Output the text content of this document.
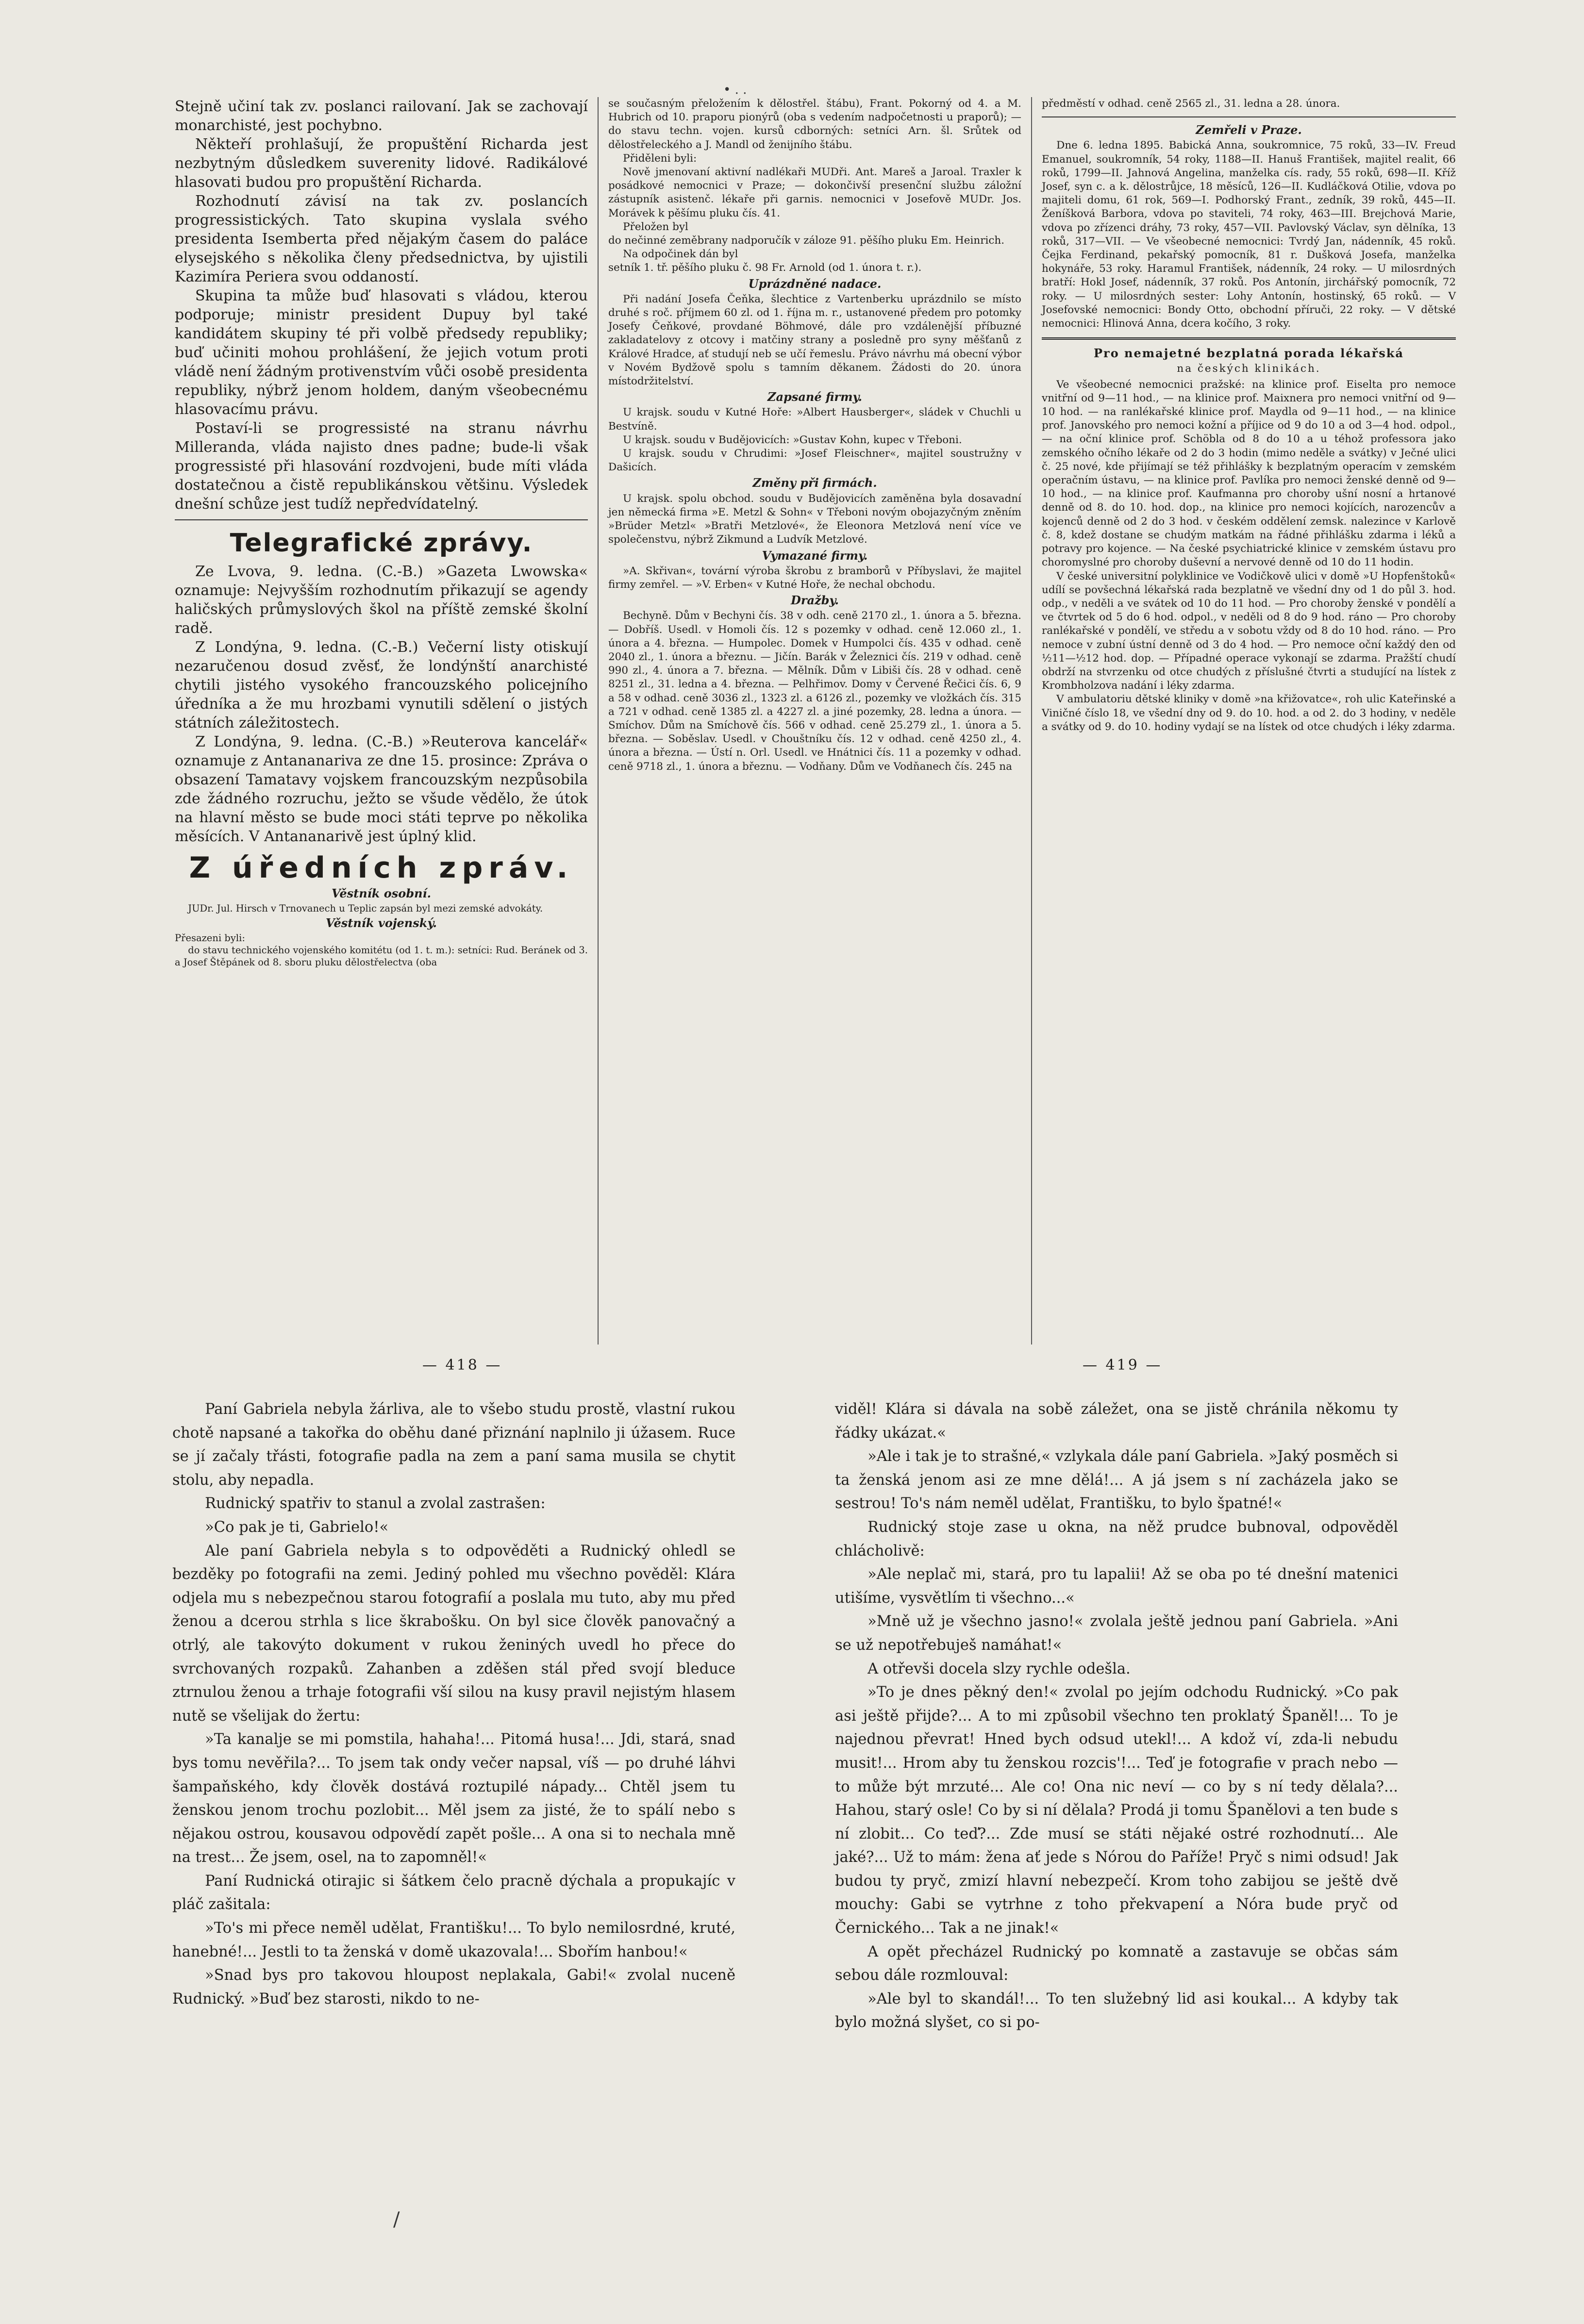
• . .

Stejně učiní tak zv. poslanci railovaní. Jak se zachovají monarchisté, jest pochybno.

Někteří prohlašují, že propuštění Richarda jest nezbytným důsledkem suverenity lidové. Radikálové hlasovati budou pro propuštění Richarda.

Rozhodnutí závisí na tak zv. poslancích progressistických. Tato skupina vyslala svého presidenta Isemberta před nějakým časem do paláce elysejského s několika členy předsednictva, by ujistili Kazimíra Periera svou oddaností.

Skupina ta může buď hlasovati s vládou, kterou podporuje; ministr president Dupuy byl také kandidátem skupiny té při volbě předsedy republiky; buď učiniti mohou prohlášení, že jejich votum proti vládě není žádným protivenstvím vůči osobě presidenta republiky, nýbrž jenom holdem, daným všeobecnému hlasovacímu právu.

Postaví-li se progressisté na stranu návrhu Milleranda, vláda najisto dnes padne; bude-li však progressisté při hlasování rozdvojeni, bude míti vláda dostatečnou a čistě republikánskou většinu. Výsledek dnešní schůze jest tudíž nepředvídatelný.

Telegrafické zprávy.

Ze Lvova, 9. ledna. (C.-B.) »Gazeta Lwowska« oznamuje: Nejvyšším rozhodnutím přikazují se agendy haličských průmyslových škol na příště zemské školní radě.

Z Londýna, 9. ledna. (C.-B.) Večerní listy otiskují nezaručenou dosud zvěsť, že londýnští anarchisté chytili jistého vysokého francouzského policejního úředníka a že mu hrozbami vynutili sdělení o jistých státních záležitostech.

Z Londýna, 9. ledna. (C.-B.) »Reuterova kancelář« oznamuje z Antananariva ze dne 15. prosince: Zpráva o obsazení Tamatavy vojskem francouzským nezpůsobila zde žádného rozruchu, ježto se všude vědělo, že útok na hlavní město se bude moci státi teprve po několika měsících. V Antananarivě jest úplný klid.

Z úředních zpráv.
Věstník osobní.

JUDr. Jul. Hirsch v Trnovanech u Teplic zapsán byl mezi zemské advokáty.

Věstník vojenský.

Přesazeni byli:

do stavu technického vojenského komitétu (od 1. t. m.): setníci: Rud. Beránek od 3. a Josef Štěpánek od 8. sboru pluku dělostřelectva (oba

se současným přeložením k dělostřel. štábu), Frant. Pokorný od 4. a M. Hubrich od 10. praporu pionýrů (oba s vedením nadpočetnosti u praporů); — do stavu techn. vojen. kursů cdborných: setníci Arn. šl. Srůtek od dělostřeleckého a J. Mandl od ženijního štábu.

Přiděleni byli:

Nově jmenovaní aktivní nadlékaři MUDři. Ant. Mareš a Jaroal. Traxler k posádkové nemocnici v Praze; — dokončivší presenční službu záložní zástupník asistenč. lékaře při garnis. nemocnici v Josefově MUDr. Jos. Morávek k pěšímu pluku čís. 41.

Přeložen byl

do nečinné zeměbrany nadporučík v záloze 91. pěšího pluku Em. Heinrich.

Na odpočinek dán byl

setník 1. tř. pěšího pluku č. 98 Fr. Arnold (od 1. února t. r.).

Uprázdněné nadace.

Při nadání Josefa Čeňka, šlechtice z Vartenberku uprázdnilo se místo druhé s roč. příjmem 60 zl. od 1. října m. r., ustanovené předem pro potomky Josefy Čeňkové, provdané Böhmové, dále pro vzdálenější příbuzné zakladatelovy z otcovy i matčiny strany a posledně pro syny měšťanů z Králové Hradce, ať studují neb se učí řemeslu. Právo návrhu má obecní výbor v Novém Bydžově spolu s tamním děkanem. Žádosti do 20. února místodržitelství.

Zapsané firmy.

U krajsk. soudu v Kutné Hoře: »Albert Hausberger«, sládek v Chuchli u Bestvíně.

U krajsk. soudu v Budějovicích: »Gustav Kohn, kupec v Třeboni.

U krajsk. soudu v Chrudimi: »Josef Fleischner«, majitel soustružny v Dašicích.

Změny při firmách.

U krajsk. spolu obchod. soudu v Budějovicích zaměněna byla dosavadní jen německá firma »E. Metzl & Sohn« v Třeboni novým obojazyčným zněním »Brüder Metzl« »Bratři Metzlové«, že Eleonora Metzlová není více ve společenstvu, nýbrž Zikmund a Ludvík Metzlové.

Vymazané firmy.

»A. Skřivan«, tovární výroba škrobu z bramborů v Příbyslavi, že majitel firmy zemřel. — »V. Erben« v Kutné Hoře, že nechal obchodu.

Dražby.

Bechyně. Dům v Bechyni čís. 38 v odh. ceně 2170 zl., 1. února a 5. března. — Dobříš. Usedl. v Homoli čís. 12 s pozemky v odhad. ceně 12.060 zl., 1. února a 4. března. — Humpolec. Domek v Humpolci čís. 435 v odhad. ceně 2040 zl., 1. února a březnu. — Jičín. Barák v Železnici čís. 219 v odhad. ceně 990 zl., 4. února a 7. března. — Mělník. Dům v Libiši čís. 28 v odhad. ceně 8251 zl., 31. ledna a 4. března. — Pelhřimov. Domy v Červené Řečici čís. 6, 9 a 58 v odhad. ceně 3036 zl., 1323 zl. a 6126 zl., pozemky ve vložkách čís. 315 a 721 v odhad. ceně 1385 zl. a 4227 zl. a jiné pozemky, 28. ledna a února. — Smíchov. Dům na Smíchově čís. 566 v odhad. ceně 25.279 zl., 1. února a 5. března. — Soběslav. Usedl. v Chouštníku čís. 12 v odhad. ceně 4250 zl., 4. února a března. — Ústí n. Orl. Usedl. ve Hnátnici čís. 11 a pozemky v odhad. ceně 9718 zl., 1. února a březnu. — Vodňany. Dům ve Vodňanech čís. 245 na

předměstí v odhad. ceně 2565 zl., 31. ledna a 28. února.

Zemřeli v Praze.

Dne 6. ledna 1895. Babická Anna, soukromnice, 75 roků, 33—IV. Freud Emanuel, soukromník, 54 roky, 1188—II. Hanuš František, majitel realit, 66 roků, 1799—II. Jahnová Angelina, manželka cís. rady, 55 roků, 698—II. Kříž Josef, syn c. a k. dělostrůjce, 18 měsíců, 126—II. Kudláčková Otilie, vdova po majiteli domu, 61 rok, 569—I. Podhorský Frant., zedník, 39 roků, 445—II. Ženíšková Barbora, vdova po staviteli, 74 roky, 463—III. Brejchová Marie, vdova po zřízenci dráhy, 73 roky, 457—VII. Pavlovský Václav, syn dělníka, 13 roků, 317—VII. — Ve všeobecné nemocnici: Tvrdý Jan, nádenník, 45 roků. Čejka Ferdinand, pekařský pomocník, 81 r. Dušková Josefa, manželka hokynáře, 53 roky. Haramul František, nádenník, 24 roky. — U milosrdných bratří: Hokl Josef, nádenník, 37 roků. Pos Antonín, jirchářský pomocník, 72 roky. — U milosrdných sester: Lohy Antonín, hostinský, 65 roků. — V Josefovské nemocnici: Bondy Otto, obchodní příruči, 22 roky. — V dětské nemocnici: Hlinová Anna, dcera kočího, 3 roky.

Pro nemajetné bezplatná porada lékařská
na českých klinikách.

Ve všeobecné nemocnici pražské: na klinice prof. Eiselta pro nemoce vnitřní od 9—11 hod., — na klinice prof. Maixnera pro nemoci vnitřní od 9—10 hod. — na ranlékařské klinice prof. Maydla od 9—11 hod., — na klinice prof. Janovského pro nemoci kožní a příjice od 9 do 10 a od 3—4 hod. odpol., — na oční klinice prof. Schöbla od 8 do 10 a u téhož professora jako zemského očního lékaře od 2 do 3 hodin (mimo neděle a svátky) v Ječné ulici č. 25 nové, kde přijímají se též přihlášky k bezplatným operacím v zemském operačním ústavu, — na klinice prof. Pavlíka pro nemoci ženské denně od 9—10 hod., — na klinice prof. Kaufmanna pro choroby ušní nosní a hrtanové denně od 8. do 10. hod. dop., na klinice pro nemoci kojících, narozencův a kojenců denně od 2 do 3 hod. v českém oddělení zemsk. nalezince v Karlově č. 8, kdež dostane se chudým matkám na řádné přihlášku zdarma i léků a potravy pro kojence. — Na české psychiatrické klinice v zemském ústavu pro choromyslné pro choroby duševní a nervové denně od 10 do 11 hodin.

V české universitní polyklinice ve Vodičkově ulici v domě »U Hopfenštoků« udílí se povšechná lékařská rada bezplatně ve všední dny od 1 do půl 3. hod. odp., v neděli a ve svátek od 10 do 11 hod. — Pro choroby ženské v pondělí a ve čtvrtek od 5 do 6 hod. odpol., v neděli od 8 do 9 hod. ráno — Pro choroby ranlékařské v pondělí, ve středu a v sobotu vždy od 8 do 10 hod. ráno. — Pro nemoce v zubní ústní denně od 3 do 4 hod. — Pro nemoce oční každý den od ½11—½12 hod. dop. — Případné operace vykonají se zdarma. Pražští chudí obdrží na stvrzenku od otce chudých z příslušné čtvrti a studující na lístek z Krombholzova nadání i léky zdarma.

V ambulatoriu dětské kliniky v domě »na křižovatce«, roh ulic Kateřinské a Viničné číslo 18, ve všední dny od 9. do 10. hod. a od 2. do 3 hodiny, v neděle a svátky od 9. do 10. hodiny vydají se na lístek od otce chudých i léky zdarma.

— 418 —	— 419 —

Paní Gabriela nebyla žárliva, ale to všebo studu prostě, vlastní rukou chotě napsané a takořka do oběhu dané přiznání naplnilo ji úžasem. Ruce se jí začaly třásti, fotografie padla na zem a paní sama musila se chytit stolu, aby nepadla.

Rudnický spatřiv to stanul a zvolal zastrašen:

»Co pak je ti, Gabrielo!«

Ale paní Gabriela nebyla s to odpověděti a Rudnický ohledl se bezděky po fotografii na zemi. Jediný pohled mu všechno pověděl: Klára odjela mu s nebezpečnou starou fotografií a poslala mu tuto, aby mu před ženou a dcerou strhla s lice škrabošku. On byl sice člověk panovačný a otrlý, ale takovýto dokument v rukou ženiných uvedl ho přece do svrchovaných rozpaků. Zahanben a zděšen stál před svojí bleduce ztrnulou ženou a trhaje fotografii vší silou na kusy pravil nejistým hlasem nutě se všelijak do žertu:

»Ta kanalje se mi pomstila, hahaha!... Pitomá husa!... Jdi, stará, snad bys tomu nevěřila?... To jsem tak ondy večer napsal, víš — po druhé láhvi šampaňského, kdy člověk dostává roztupilé nápady... Chtěl jsem tu ženskou jenom trochu pozlobit... Měl jsem za jisté, že to spálí nebo s nějakou ostrou, kousavou odpovědí zapět pošle... A ona si to nechala mně na trest... Že jsem, osel, na to zapomněl!«

Paní Rudnická otirajic si šátkem čelo pracně dýchala a propukajíc v pláč zašitala:

»To's mi přece neměl udělat, Františku!... To bylo nemilosrdné, kruté, hanebné!... Jestli to ta ženská v domě ukazovala!... Sbořím hanbou!«

»Snad bys pro takovou hloupost neplakala, Gabi!« zvolal nuceně Rudnický. »Buď bez starosti, nikdo to ne-

viděl! Klára si dávala na sobě záležet, ona se jistě chránila někomu ty řádky ukázat.«

»Ale i tak je to strašné,« vzlykala dále paní Gabriela. »Jaký posměch si ta ženská jenom asi ze mne dělá!... A já jsem s ní zacházela jako se sestrou! To's nám neměl udělat, Františku, to bylo špatné!«

Rudnický stoje zase u okna, na něž prudce bubnoval, odpověděl chlácholivě:

»Ale neplač mi, stará, pro tu lapalii! Až se oba po té dnešní matenici utišíme, vysvětlím ti všechno...«

»Mně už je všechno jasno!« zvolala ještě jednou paní Gabriela. »Ani se už nepotřebuješ namáhat!«

A otřevši docela slzy rychle odešla.

»To je dnes pěkný den!« zvolal po jejím odchodu Rudnický. »Co pak asi ještě přijde?... A to mi způsobil všechno ten proklatý Španěl!... To je najednou převrat! Hned bych odsud utekl!... A kdož ví, zda-li nebudu musit!... Hrom aby tu ženskou rozcis'!... Teď je fotografie v prach nebo — to může být mrzuté... Ale co! Ona nic neví — co by s ní tedy dělala?... Hahou, starý osle! Co by si ní dělala? Prodá ji tomu Španělovi a ten bude s ní zlobit... Co teď?... Zde musí se státi nějaké ostré rozhodnutí... Ale jaké?... Už to mám: žena ať jede s Nórou do Paříže! Pryč s nimi odsud! Jak budou ty pryč, zmizí hlavní nebezpečí. Krom toho zabijou se ještě dvě mouchy: Gabi se vytrhne z toho překvapení a Nóra bude pryč od Černického... Tak a ne jinak!«

A opět přecházel Rudnický po komnatě a zastavuje se občas sám sebou dále rozmlouval:

»Ale byl to skandál!... To ten služebný lid asi koukal... A kdyby tak bylo možná slyšet, co si po-

/
